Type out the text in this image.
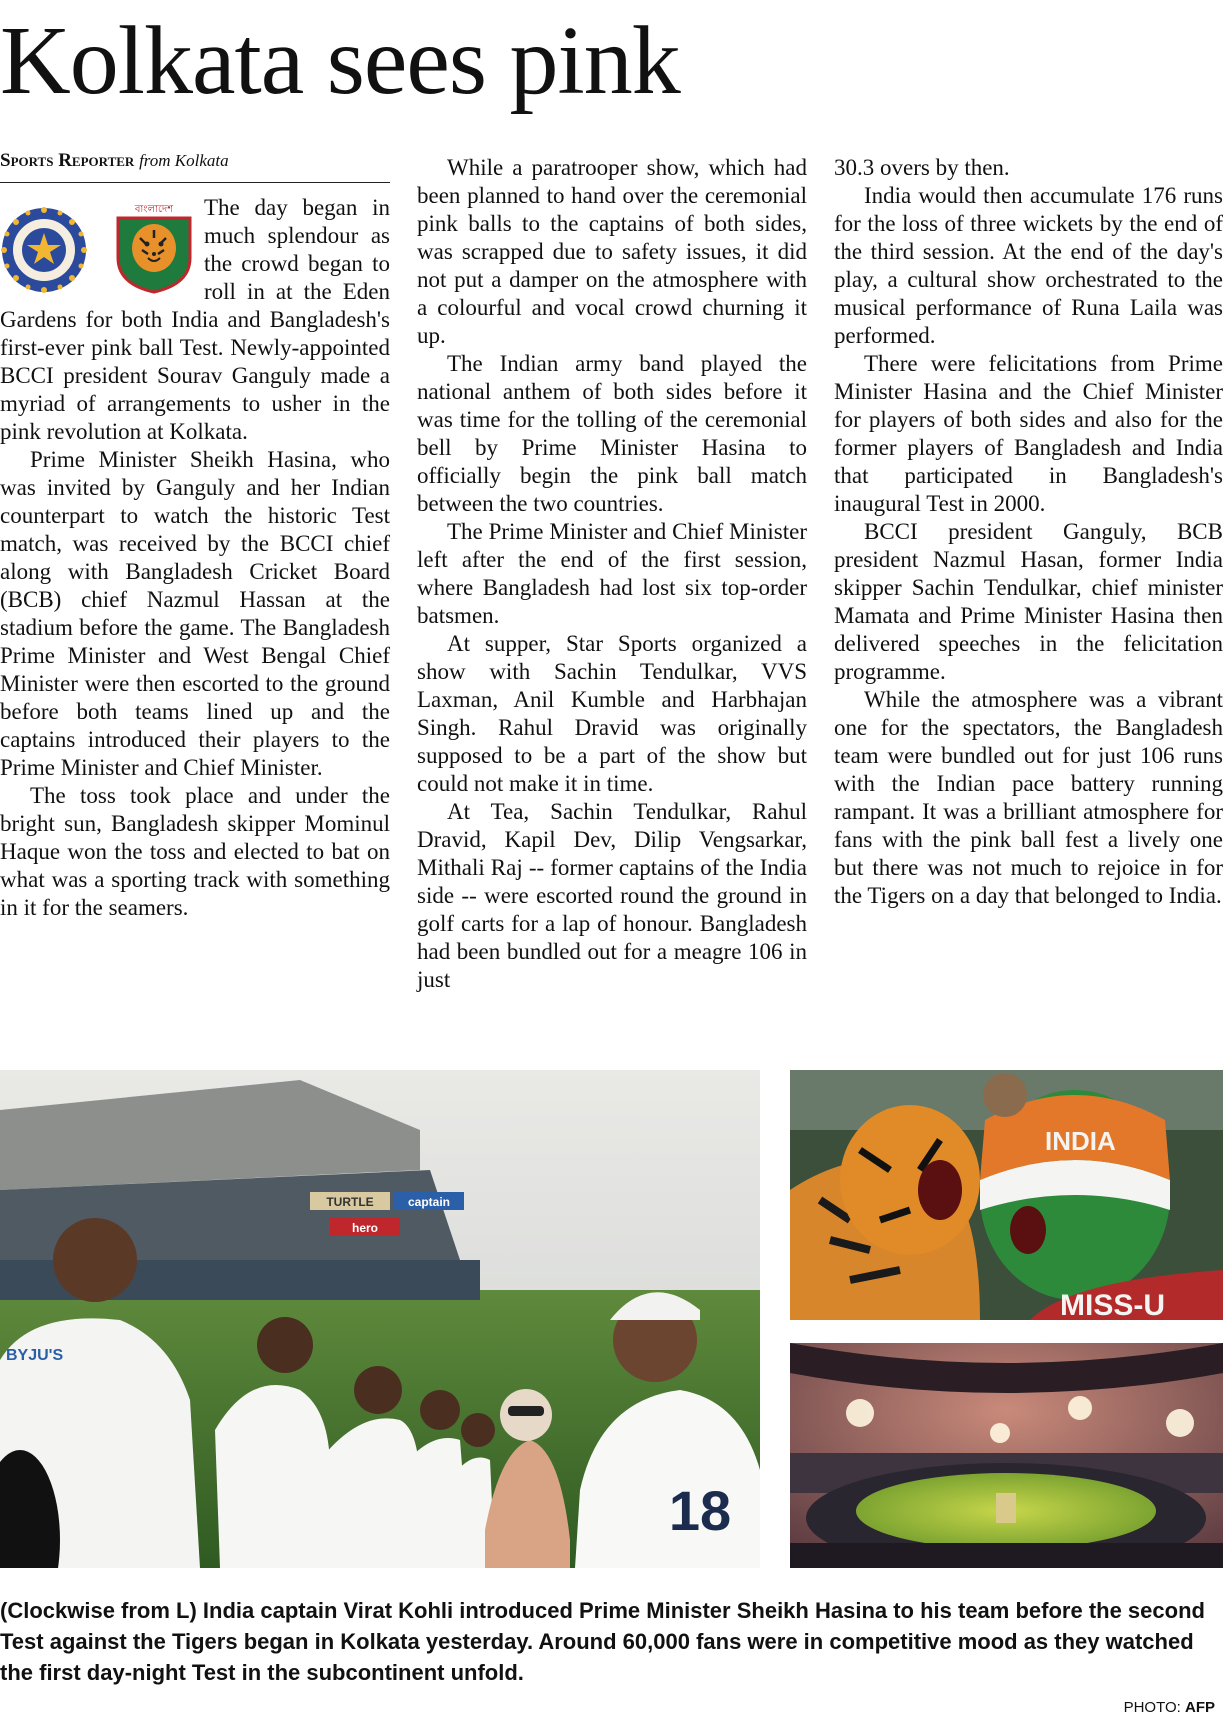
Kolkata sees pink
Sports Reporter from Kolkata
বাংলাদেশ	The day began in much splendour as the crowd began to roll in at the Eden Gardens for both India and Bangladesh's first-ever pink ball Test. Newly-appointed BCCI president Sourav Ganguly made a myriad of arrangements to usher in the pink revolution at Kolkata.

Prime Minister Sheikh Hasina, who was invited by Ganguly and her Indian counterpart to watch the historic Test match, was received by the BCCI chief along with Bangladesh Cricket Board (BCB) chief Nazmul Hassan at the stadium before the game. The Bangladesh Prime Minister and West Bengal Chief Minister were then escorted to the ground before both teams lined up and the captains introduced their players to the Prime Minister and Chief Minister.

The toss took place and under the bright sun, Bangladesh skipper Mominul Haque won the toss and elected to bat on what was a sporting track with something in it for the seamers.

While a paratrooper show, which had been planned to hand over the ceremonial pink balls to the captains of both sides, was scrapped due to safety issues, it did not put a damper on the atmosphere with a colourful and vocal crowd churning it up.

The Indian army band played the national anthem of both sides before it was time for the tolling of the ceremonial bell by Prime Minister Hasina to officially begin the pink ball match between the two countries.

The Prime Minister and Chief Minister left after the end of the first session, where Bangladesh had lost six top-order batsmen.

At supper, Star Sports organized a show with Sachin Tendulkar, VVS Laxman, Anil Kumble and Harbhajan Singh. Rahul Dravid was originally supposed to be a part of the show but could not make it in time.

At Tea, Sachin Tendulkar, Rahul Dravid, Kapil Dev, Dilip Vengsarkar, Mithali Raj -- former captains of the India side -- were escorted round the ground in golf carts for a lap of honour. Bangladesh had been bundled out for a meagre 106 in just

30.3 overs by then.

India would then accumulate 176 runs for the loss of three wickets by the end of the third session. At the end of the day's play, a cultural show orchestrated to the musical performance of Runa Laila was performed.

There were felicitations from Prime Minister Hasina and the Chief Minister for players of both sides and also for the former players of Bangladesh and India that participated in Bangladesh's inaugural Test in 2000.

BCCI president Ganguly, BCB president Nazmul Hasan, former India skipper Sachin Tendulkar, chief minister Mamata and Prime Minister Hasina then delivered speeches in the felicitation programme.

While the atmosphere was a vibrant one for the spectators, the Bangladesh team were bundled out for just 106 runs with the Indian pace battery running rampant. It was a brilliant atmosphere for fans with the pink ball fest a lively one but there was not much to rejoice in for the Tigers on a day that belonged to India.

TURTLE	captain
hero
BYJU'S
18
INDIA
MISS-U
(Clockwise from L) India captain Virat Kohli introduced Prime Minister Sheikh Hasina to his team before the second Test against the Tigers began in Kolkata yesterday. Around 60,000 fans were in competitive mood as they watched the first day-night Test in the subcontinent unfold.
PHOTO: AFP
